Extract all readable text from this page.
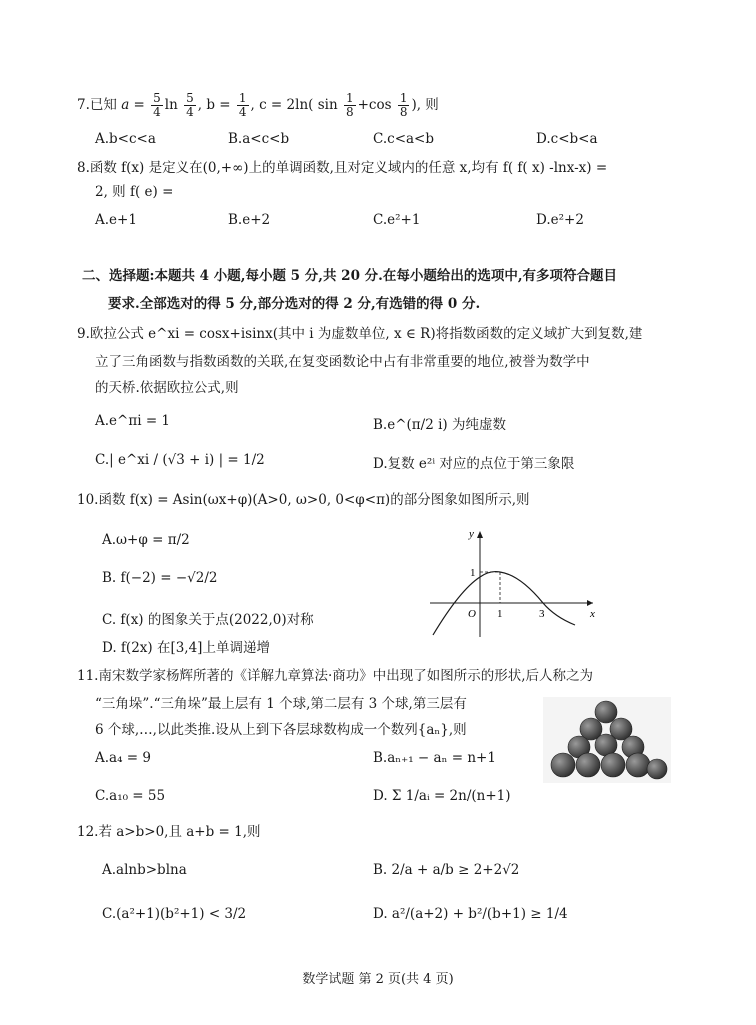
7.已知 $a = \frac{5}{4}$ $\ln \frac{5}{4}$ , $b = \frac{1}{4}$ , c = 2ln( $\sin \frac{1}{8} +\cos \frac{1}{8}$ ), 则
A.b<c<a	B.a<c<b	C.c<a<b	D.c<b<a
8.函数 f(x) 是定义在(0,+∞)上的单调函数,且对定义域内的任意 x,均有 f( f( x) -lnx-x) =
2, 则 f( e) =
A.e+1	B.e+2	C.e²+1	D.e²+2
二、选择题:本题共 4 小题,每小题 5 分,共 20 分.在每小题给出的选项中,有多项符合题目
要求.全部选对的得 5 分,部分选对的得 2 分,有选错的得 0 分.
9.欧拉公式 e^xi = cosx+isinx(其中 i 为虚数单位, x ∈ R)将指数函数的定义域扩大到复数,建
立了三角函数与指数函数的关联,在复变函数论中占有非常重要的地位,被誉为数学中
的天桥.依据欧拉公式,则
A.e^πi = 1	B.e^(π/2 i) 为纯虚数
C.| e^xi / (√3 + i) | = 1/2	D.复数 e²ⁱ 对应的点位于第三象限
10.函数 f(x) = Asin(ωx+φ)(A>0, ω>0, 0<φ<π)的部分图象如图所示,则
A.ω+φ = π/2
B. f(−2) = −√2/2
C. f(x) 的图象关于点(2022,0)对称
D. f(2x) 在[3,4]上单调递增
y
x
O 1	3
1
11.南宋数学家杨辉所著的《详解九章算法·商功》中出现了如图所示的形状,后人称之为
“三角垛”.“三角垛”最上层有 1 个球,第二层有 3 个球,第三层有
6 个球,…,以此类推.设从上到下各层球数构成一个数列{aₙ},则
A.a₄ = 9	B.aₙ₊₁ − aₙ = n+1
C.a₁₀ = 55	D. Σ 1/aᵢ = 2n/(n+1)
12.若 a>b>0,且 a+b = 1,则
A.alnb>blna	B. 2/a + a/b ≥ 2+2√2
C.(a²+1)(b²+1) < 3/2	D. a²/(a+2) + b²/(b+1) ≥ 1/4
数学试题 第 2 页(共 4 页)
